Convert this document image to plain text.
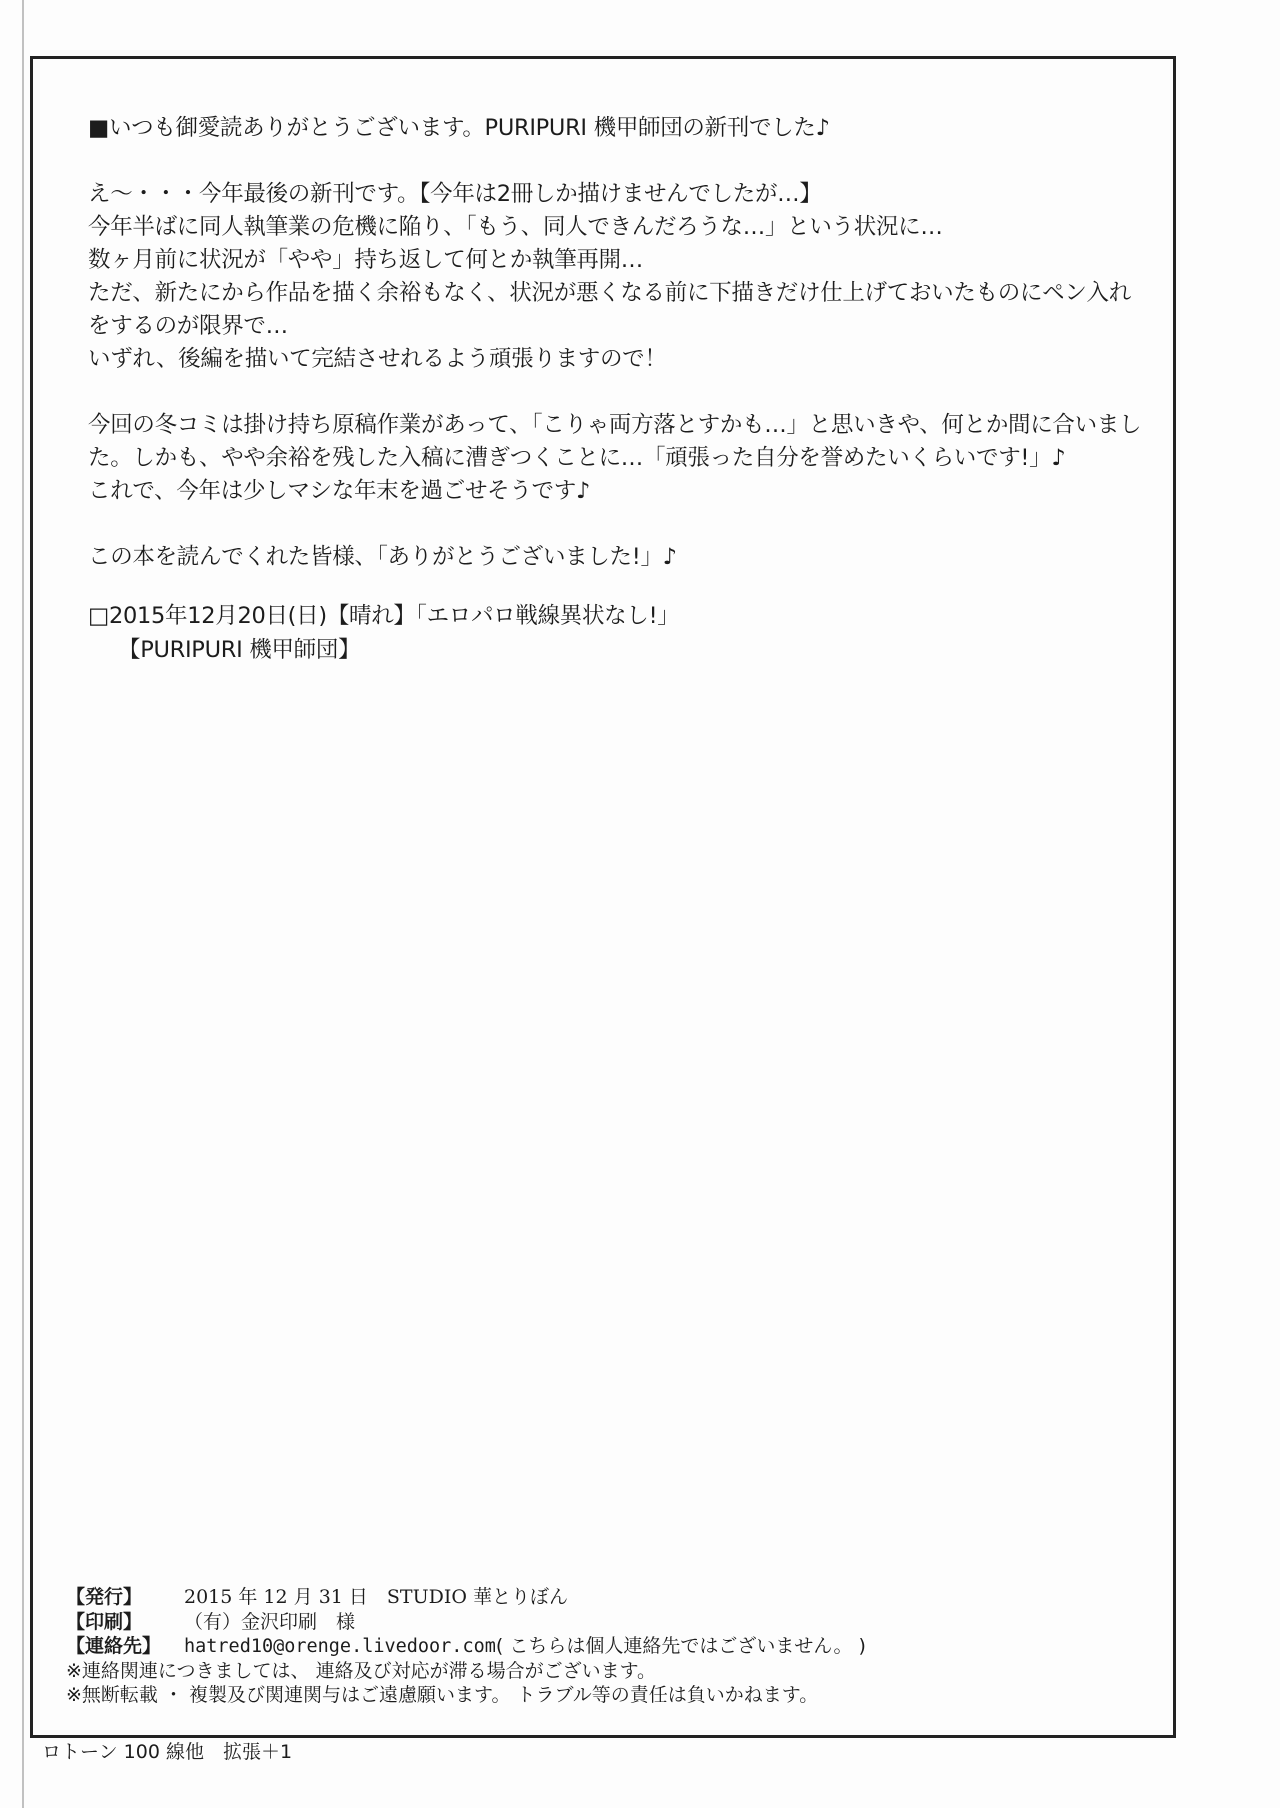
■いつも御愛読ありがとうございます。PURIPURI 機甲師団の新刊でした♪
え～・・・今年最後の新刊です。【今年は2冊しか描けませんでしたが…】
今年半ばに同人執筆業の危機に陥り、「もう、同人できんだろうな…」という状況に…
数ヶ月前に状況が「やや」持ち返して何とか執筆再開…
ただ、新たにから作品を描く余裕もなく、状況が悪くなる前に下描きだけ仕上げておいたものにペン入れ
をするのが限界で…
いずれ、後編を描いて完結させれるよう頑張りますので！
今回の冬コミは掛け持ち原稿作業があって、「こりゃ両方落とすかも…」と思いきや、何とか間に合いまし
た。しかも、やや余裕を残した入稿に漕ぎつくことに…「頑張った自分を誉めたいくらいです!」♪
これで、今年は少しマシな年末を過ごせそうです♪
この本を読んでくれた皆様、「ありがとうございました!」♪
□2015年12月20日(日)【晴れ】「エロパロ戦線異状なし!」
【PURIPURI 機甲師団】
【発行】 2015 年 12 月 31 日　STUDIO 華とりぼん
【印刷】 （有）金沢印刷　様
【連絡先】 hatred10@orenge.livedoor.com( こちらは個人連絡先ではございません。 )
※連絡関連につきましては、 連絡及び対応が滞る場合がございます。
※無断転載 ・ 複製及び関連関与はご遠慮願います。 トラブル等の責任は負いかねます。
ロトーン 100 線他　拡張＋1
